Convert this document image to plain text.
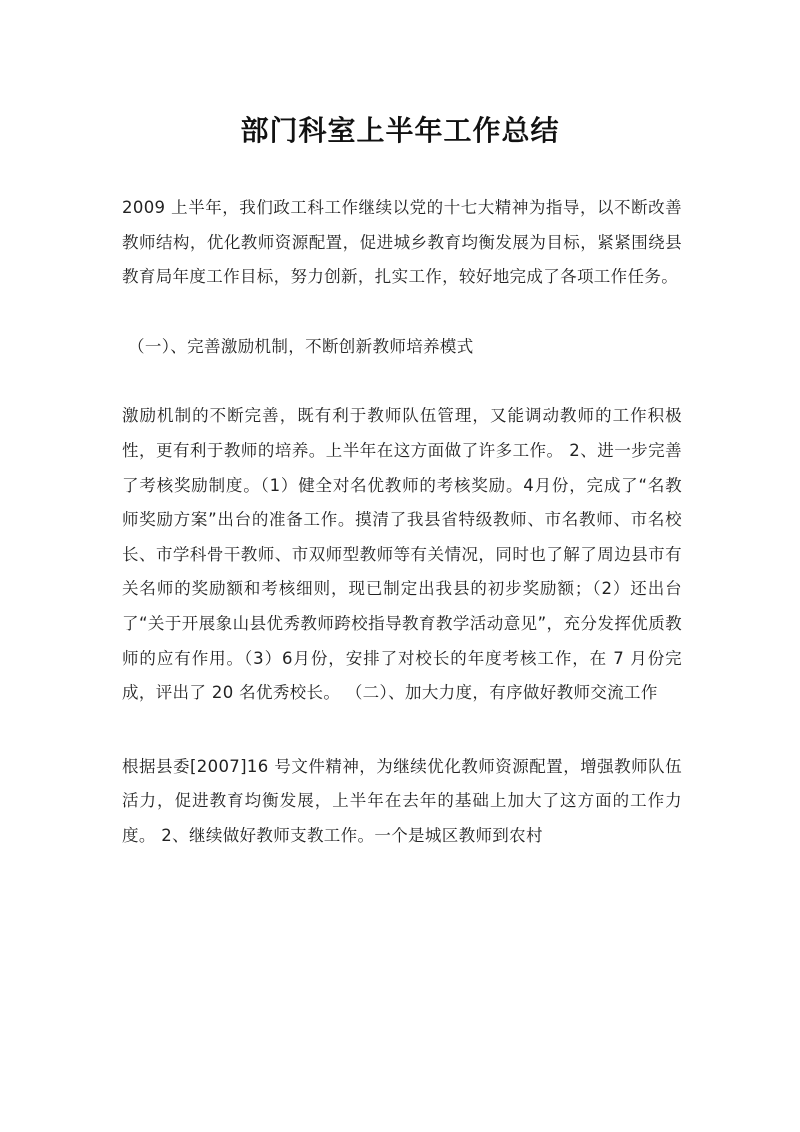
部门科室上半年工作总结

2009 上半年，我们政工科工作继续以党的十七大精神为指导，以不断改善教师结构，优化教师资源配置，促进城乡教育均衡发展为目标，紧紧围绕县教育局年度工作目标，努力创新，扎实工作，较好地完成了各项工作任务。

（一）、完善激励机制，不断创新教师培养模式

激励机制的不断完善，既有利于教师队伍管理，又能调动教师的工作积极性，更有利于教师的培养。上半年在这方面做了许多工作。 2、进一步完善了考核奖励制度。（1）健全对名优教师的考核奖励。4月份，完成了“名教师奖励方案”出台的准备工作。摸清了我县省特级教师、市名教师、市名校长、市学科骨干教师、市双师型教师等有关情况，同时也了解了周边县市有关名师的奖励额和考核细则，现已制定出我县的初步奖励额；（2）还出台了“关于开展象山县优秀教师跨校指导教育教学活动意见”，充分发挥优质教师的应有作用。（3）6月份，安排了对校长的年度考核工作，在 7 月份完成，评出了 20 名优秀校长。 （二）、加大力度，有序做好教师交流工作

根据县委[2007]16 号文件精神，为继续优化教师资源配置，增强教师队伍活力，促进教育均衡发展，上半年在去年的基础上加大了这方面的工作力度。 2、继续做好教师支教工作。一个是城区教师到农村
